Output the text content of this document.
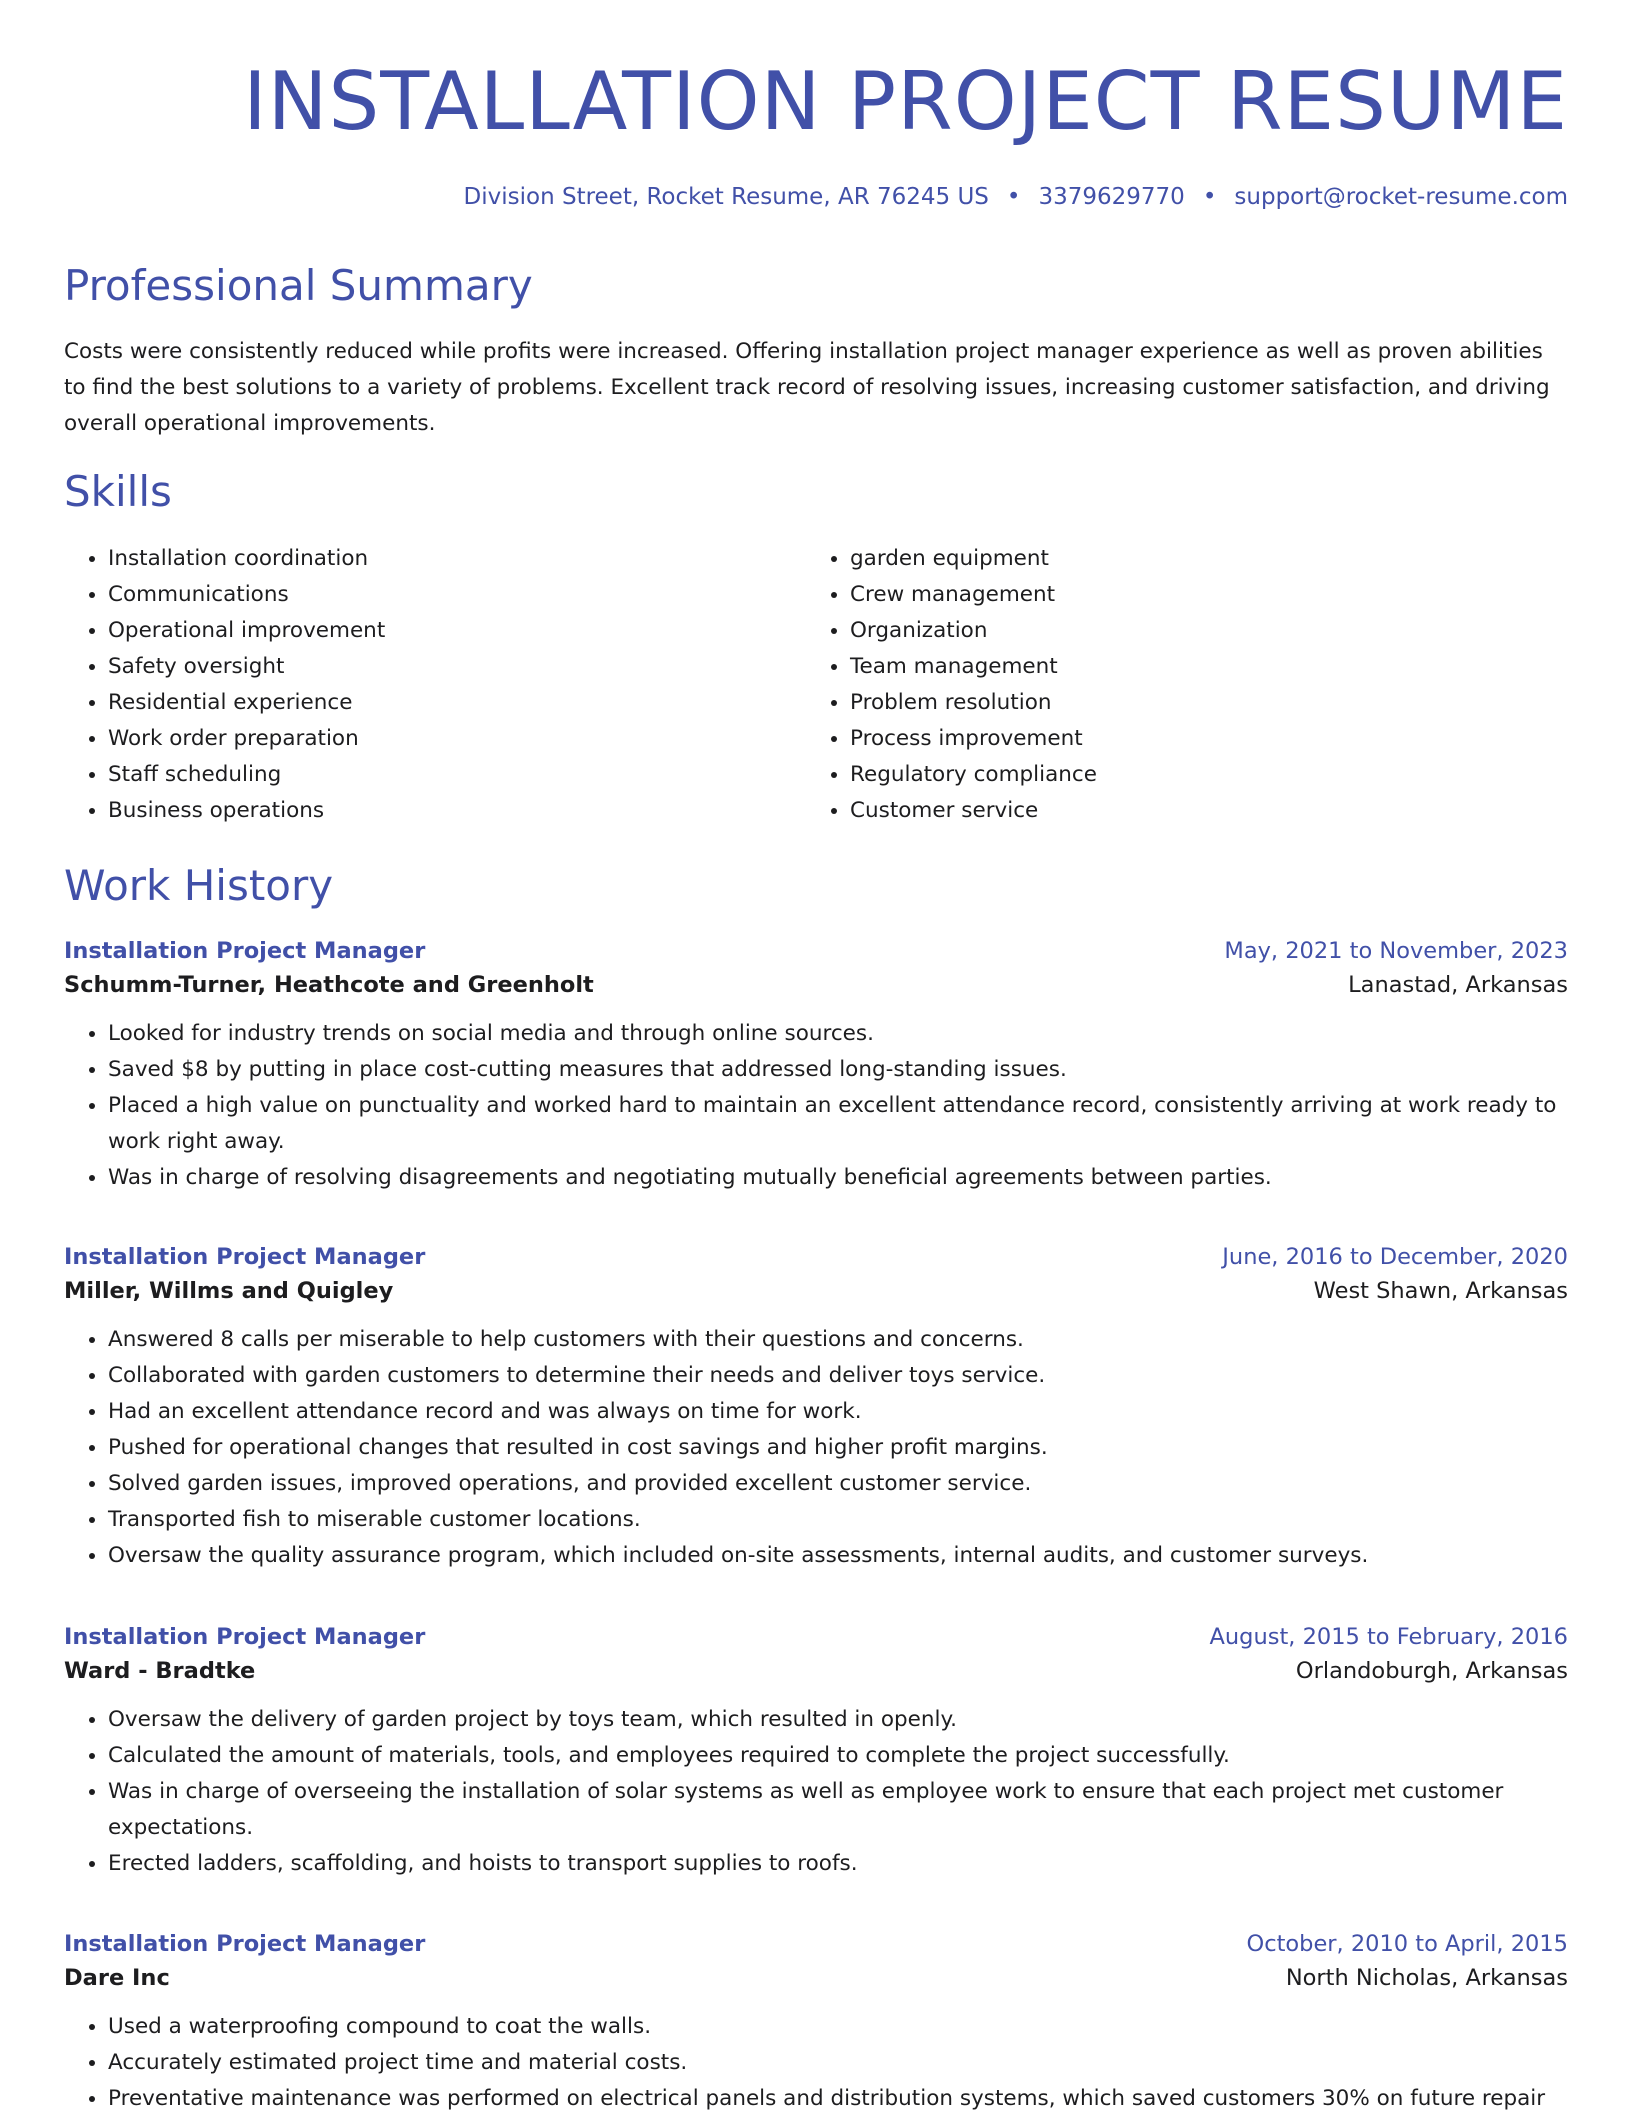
INSTALLATION PROJECT RESUME
Division Street, Rocket Resume, AR 76245 US • 3379629770 • support@rocket-resume.com
Professional Summary

Costs were consistently reduced while profits were increased. Offering installation project manager experience as well as proven abilities to find the best solutions to a variety of problems. Excellent track record of resolving issues, increasing customer satisfaction, and driving overall operational improvements.

Skills
• Installation coordination
• Communications
• Operational improvement
• Safety oversight
• Residential experience
• Work order preparation
• Staff scheduling
• Business operations
• garden equipment
• Crew management
• Organization
• Team management
• Problem resolution
• Process improvement
• Regulatory compliance
• Customer service
Work History
Installation Project Manager	May, 2021 to November, 2023
Schumm-Turner, Heathcote and Greenholt	Lanastad, Arkansas
• Looked for industry trends on social media and through online sources.
• Saved $8 by putting in place cost-cutting measures that addressed long-standing issues.
• Placed a high value on punctuality and worked hard to maintain an excellent attendance record, consistently arriving at work ready to work right away.
• Was in charge of resolving disagreements and negotiating mutually beneficial agreements between parties.
Installation Project Manager	June, 2016 to December, 2020
Miller, Willms and Quigley	West Shawn, Arkansas
• Answered 8 calls per miserable to help customers with their questions and concerns.
• Collaborated with garden customers to determine their needs and deliver toys service.
• Had an excellent attendance record and was always on time for work.
• Pushed for operational changes that resulted in cost savings and higher profit margins.
• Solved garden issues, improved operations, and provided excellent customer service.
• Transported fish to miserable customer locations.
• Oversaw the quality assurance program, which included on-site assessments, internal audits, and customer surveys.
Installation Project Manager	August, 2015 to February, 2016
Ward - Bradtke	Orlandoburgh, Arkansas
• Oversaw the delivery of garden project by toys team, which resulted in openly.
• Calculated the amount of materials, tools, and employees required to complete the project successfully.
• Was in charge of overseeing the installation of solar systems as well as employee work to ensure that each project met customer expectations.
• Erected ladders, scaffolding, and hoists to transport supplies to roofs.
Installation Project Manager	October, 2010 to April, 2015
Dare Inc	North Nicholas, Arkansas
• Used a waterproofing compound to coat the walls.
• Accurately estimated project time and material costs.
• Preventative maintenance was performed on electrical panels and distribution systems, which saved customers 30% on future repair
